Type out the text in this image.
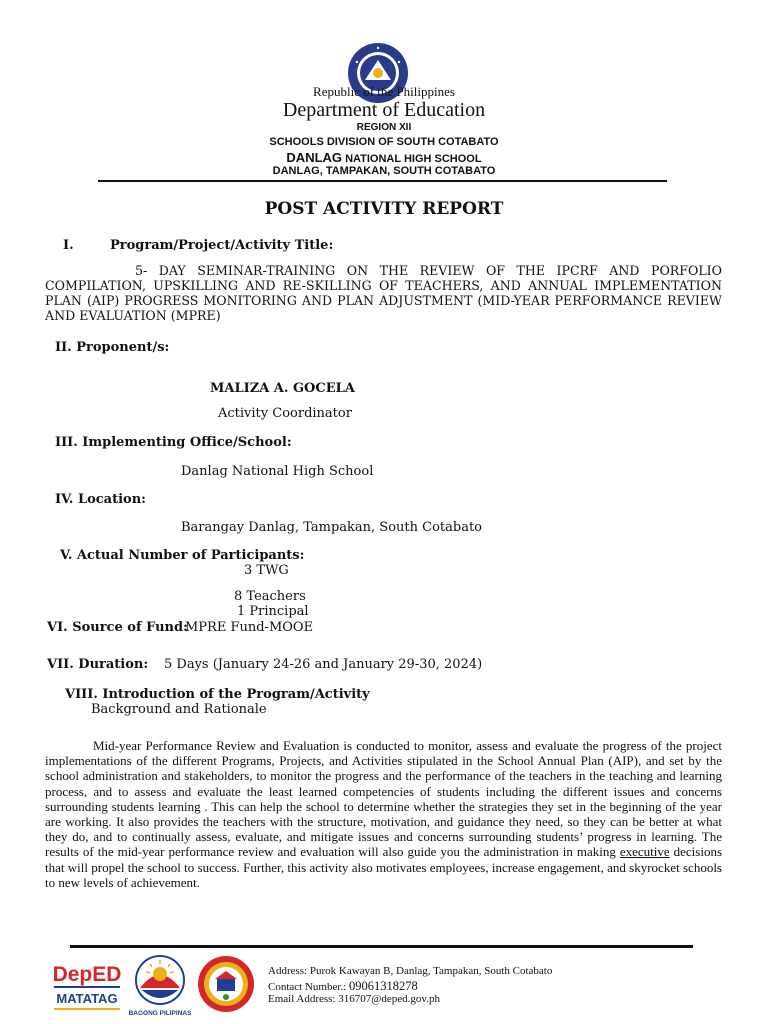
Republic of the Philippines
Department of Education
REGION XII
SCHOOLS DIVISION OF SOUTH COTABATO
DANLAG NATIONAL HIGH SCHOOL
DANLAG, TAMPAKAN, SOUTH COTABATO
POST ACTIVITY REPORT
I.	Program/Project/Activity Title:
5- DAY SEMINAR-TRAINING ON THE REVIEW OF THE IPCRF AND PORFOLIO COMPILATION, UPSKILLING AND RE-SKILLING OF TEACHERS, AND ANNUAL IMPLEMENTATION PLAN (AIP) PROGRESS MONITORING AND PLAN ADJUSTMENT (MID-YEAR PERFORMANCE REVIEW AND EVALUATION (MPRE)
II. Proponent/s:
MALIZA A. GOCELA
Activity Coordinator
III. Implementing Office/School:
Danlag National High School
IV. Location:
Barangay Danlag, Tampakan, South Cotabato
V. Actual Number of Participants:
3 TWG
8 Teachers
1 Principal
VI. Source of Fund:
MPRE Fund-MOOE
VII. Duration: 5 Days (January 24-26 and January 29-30, 2024)
VIII. Introduction of the Program/Activity
Background and Rationale
Mid-year Performance Review and Evaluation is conducted to monitor, assess and evaluate the progress of the project implementations of the different Programs, Projects, and Activities stipulated in the School Annual Plan (AIP), and set by the school administration and stakeholders, to monitor the progress and the performance of the teachers in the teaching and learning process, and to assess and evaluate the least learned competencies of students including the different issues and concerns surrounding students learning . This can help the school to determine whether the strategies they set in the beginning of the year are working. It also provides the teachers with the structure, motivation, and guidance they need, so they can be better at what they do, and to continually assess, evaluate, and mitigate issues and concerns surrounding students’ progress in learning. The results of the mid-year performance review and evaluation will also guide you the administration in making executive decisions that will propel the school to success. Further, this activity also motivates employees, increase engagement, and skyrocket schools to new levels of achievement.
DepED
MATATAG
BAGONG PILIPINAS
Address: Purok Kawayan B, Danlag, Tampakan, South Cotabato
Contact Number.: 09061318278
Email Address: 316707@deped.gov.ph
